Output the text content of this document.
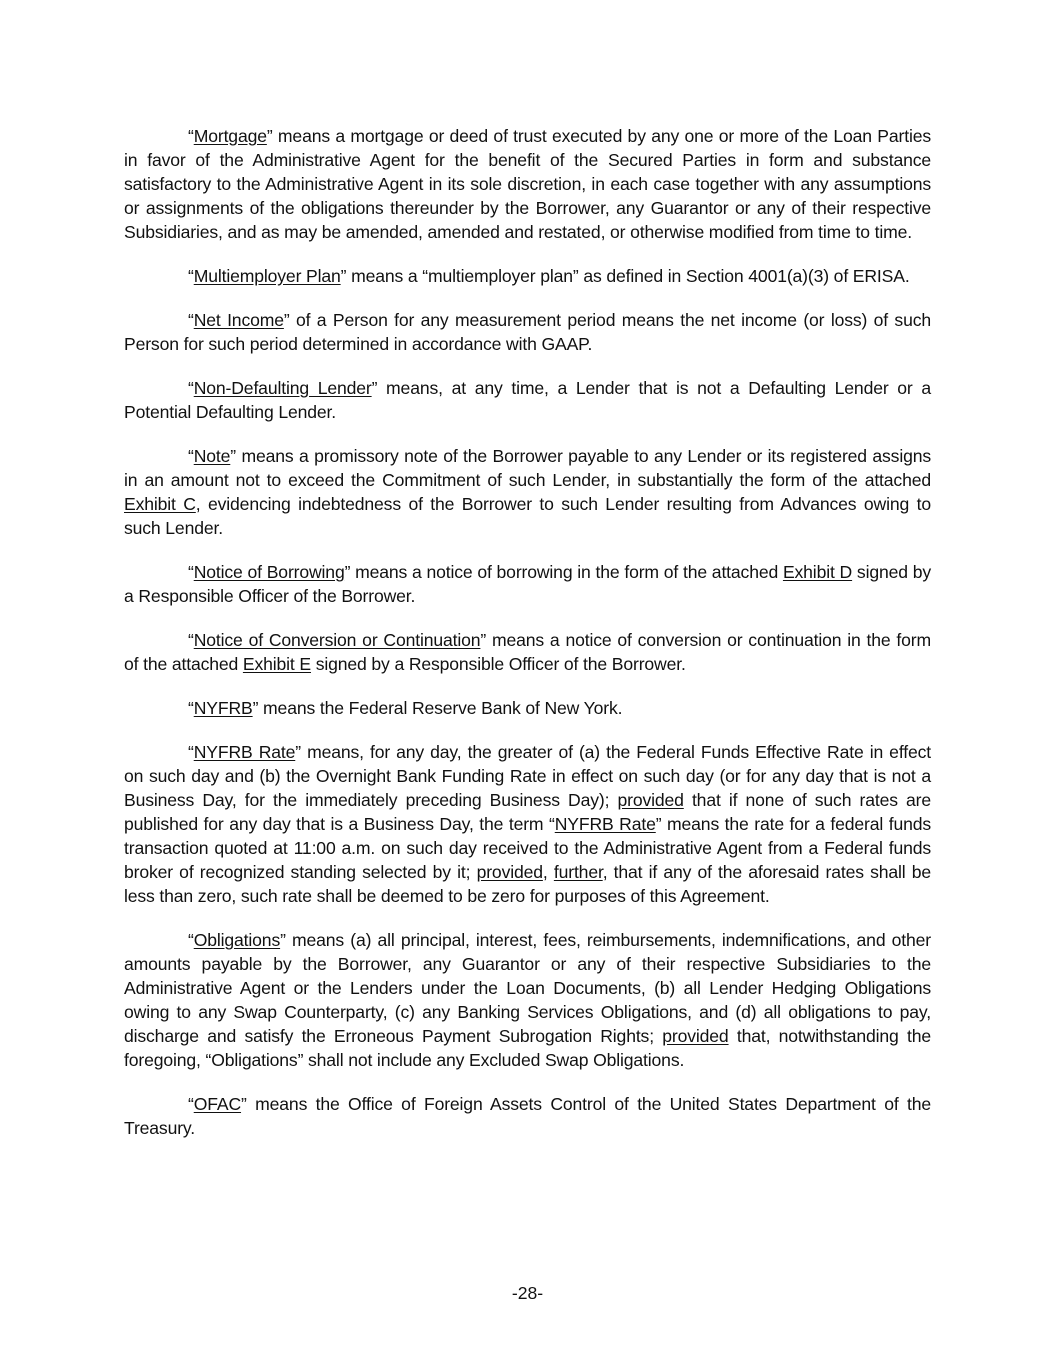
“Mortgage” means a mortgage or deed of trust executed by any one or more of the Loan Parties in favor of the Administrative Agent for the benefit of the Secured Parties in form and substance satisfactory to the Administrative Agent in its sole discretion, in each case together with any assumptions or assignments of the obligations thereunder by the Borrower, any Guarantor or any of their respective Subsidiaries, and as may be amended, amended and restated, or otherwise modified from time to time.

“Multiemployer Plan” means a “multiemployer plan” as defined in Section 4001(a)(3) of ERISA.

“Net Income” of a Person for any measurement period means the net income (or loss) of such Person for such period determined in accordance with GAAP.

“Non-Defaulting Lender” means, at any time, a Lender that is not a Defaulting Lender or a Potential Defaulting Lender.

“Note” means a promissory note of the Borrower payable to any Lender or its registered assigns in an amount not to exceed the Commitment of such Lender, in substantially the form of the attached Exhibit C, evidencing indebtedness of the Borrower to such Lender resulting from Advances owing to such Lender.

“Notice of Borrowing” means a notice of borrowing in the form of the attached Exhibit D signed by a Responsible Officer of the Borrower.

“Notice of Conversion or Continuation” means a notice of conversion or continuation in the form of the attached Exhibit E signed by a Responsible Officer of the Borrower.

“NYFRB” means the Federal Reserve Bank of New York.

“NYFRB Rate” means, for any day, the greater of (a) the Federal Funds Effective Rate in effect on such day and (b) the Overnight Bank Funding Rate in effect on such day (or for any day that is not a Business Day, for the immediately preceding Business Day); provided that if none of such rates are published for any day that is a Business Day, the term “NYFRB Rate” means the rate for a federal funds transaction quoted at 11:00 a.m. on such day received to the Administrative Agent from a Federal funds broker of recognized standing selected by it; provided, further, that if any of the aforesaid rates shall be less than zero, such rate shall be deemed to be zero for purposes of this Agreement.

“Obligations” means (a) all principal, interest, fees, reimbursements, indemnifications, and other amounts payable by the Borrower, any Guarantor or any of their respective Subsidiaries to the Administrative Agent or the Lenders under the Loan Documents, (b) all Lender Hedging Obligations owing to any Swap Counterparty, (c) any Banking Services Obligations, and (d) all obligations to pay, discharge and satisfy the Erroneous Payment Subrogation Rights; provided that, notwithstanding the foregoing, “Obligations” shall not include any Excluded Swap Obligations.

“OFAC” means the Office of Foreign Assets Control of the United States Department of the Treasury.

-28-
